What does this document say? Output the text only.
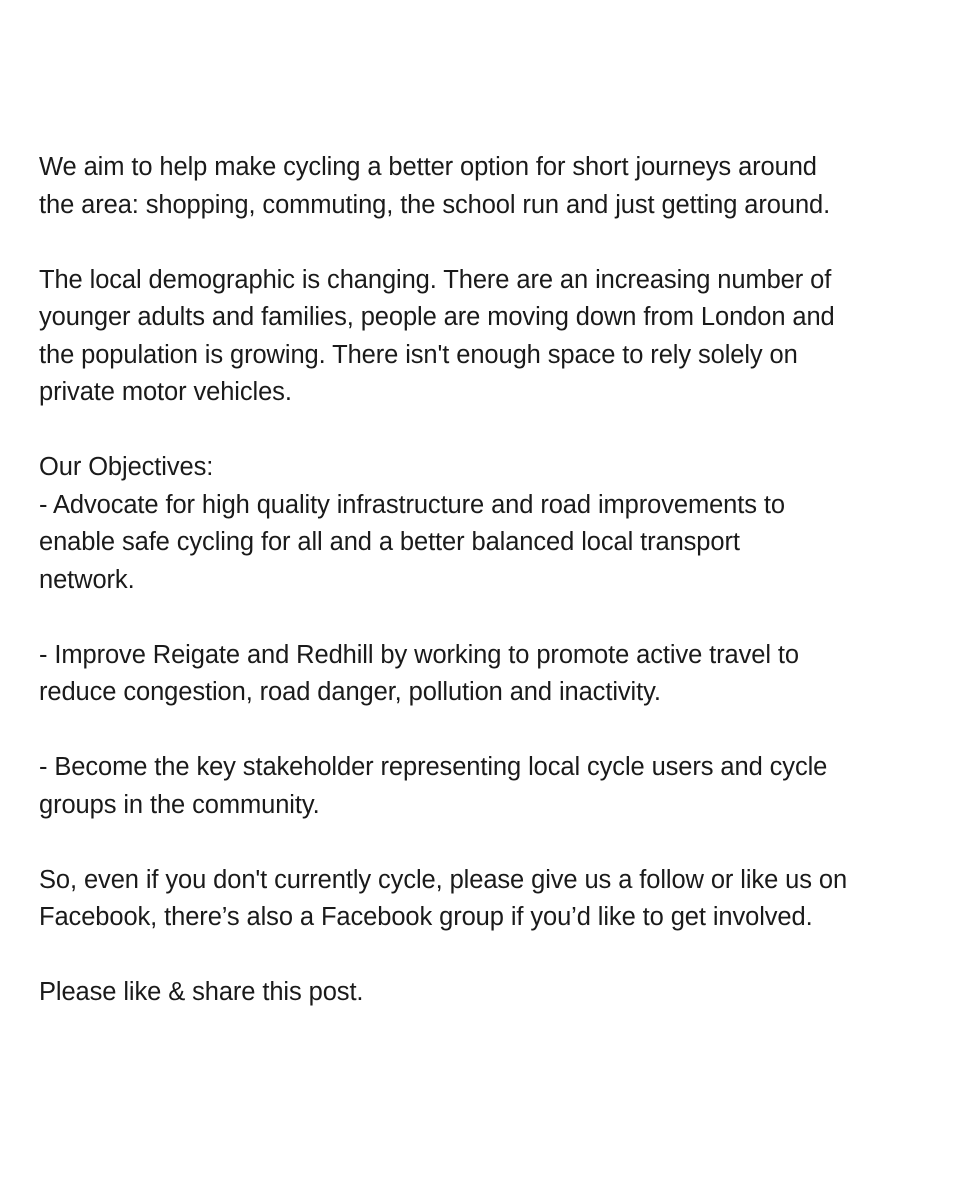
We aim to help make cycling a better option for short journeys around
the area: shopping, commuting, the school run and just getting around.

The local demographic is changing. There are an increasing number of
younger adults and families, people are moving down from London and
the population is growing. There isn't enough space to rely solely on
private motor vehicles.

Our Objectives:
- Advocate for high quality infrastructure and road improvements to
enable safe cycling for all and a better balanced local transport
network.

- Improve Reigate and Redhill by working to promote active travel to
reduce congestion, road danger, pollution and inactivity.

- Become the key stakeholder representing local cycle users and cycle
groups in the community.

So, even if you don't currently cycle, please give us a follow or like us on
Facebook, there’s also a Facebook group if you’d like to get involved.

Please like & share this post.
